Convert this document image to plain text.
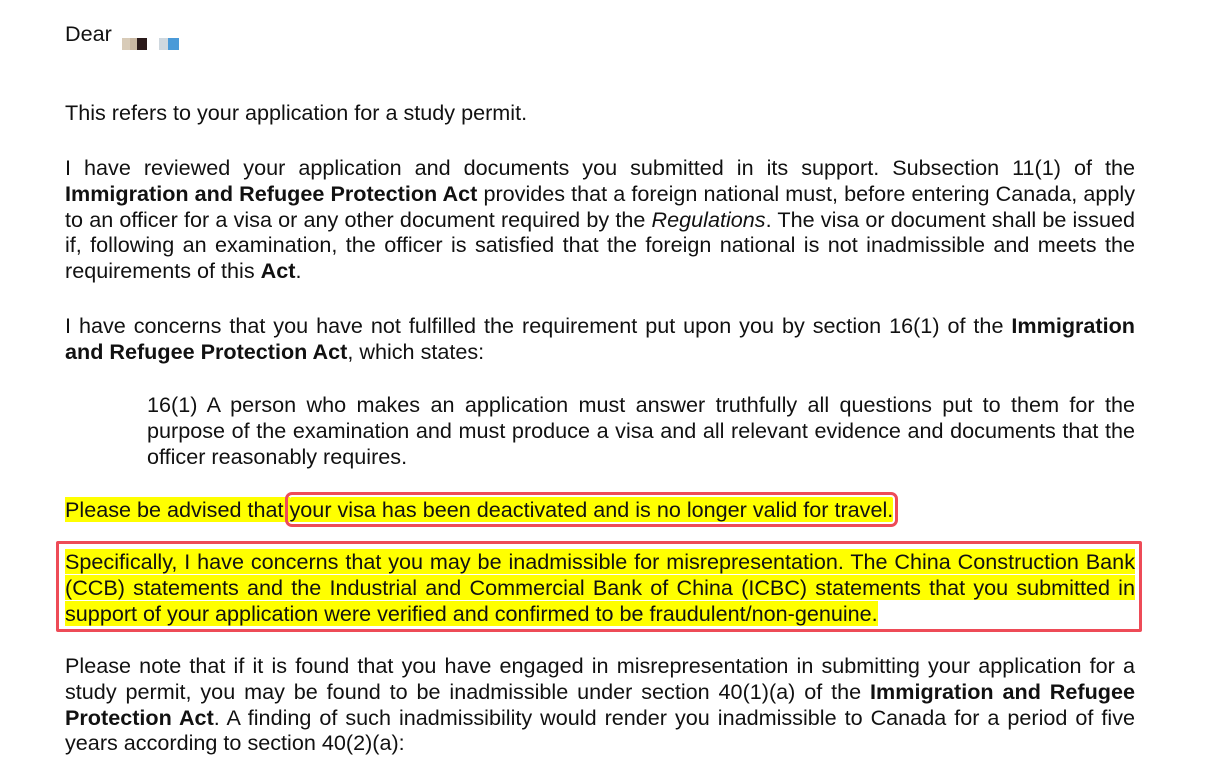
Dear

This refers to your application for a study permit.

I have reviewed your application and documents you submitted in its support. Subsection 11(1) of the Immigration and Refugee Protection Act provides that a foreign national must, before entering Canada, apply to an officer for a visa or any other document required by the Regulations. The visa or document shall be issued if, following an examination, the officer is satisfied that the foreign national is not inadmissible and meets the requirements of this Act.

I have concerns that you have not fulfilled the requirement put upon you by section 16(1) of the Immigration and Refugee Protection Act, which states:

16(1) A person who makes an application must answer truthfully all questions put to them for the purpose of the examination and must produce a visa and all relevant evidence and documents that the officer reasonably requires.

Please be advised that your visa has been deactivated and is no longer valid for travel.

Specifically, I have concerns that you may be inadmissible for misrepresentation. The China Construction Bank (CCB) statements and the Industrial and Commercial Bank of China (ICBC) statements that you submitted in support of your application were verified and confirmed to be fraudulent/non-genuine.

Please note that if it is found that you have engaged in misrepresentation in submitting your application for a study permit, you may be found to be inadmissible under section 40(1)(a) of the Immigration and Refugee Protection Act. A finding of such inadmissibility would render you inadmissible to Canada for a period of five years according to section 40(2)(a):
